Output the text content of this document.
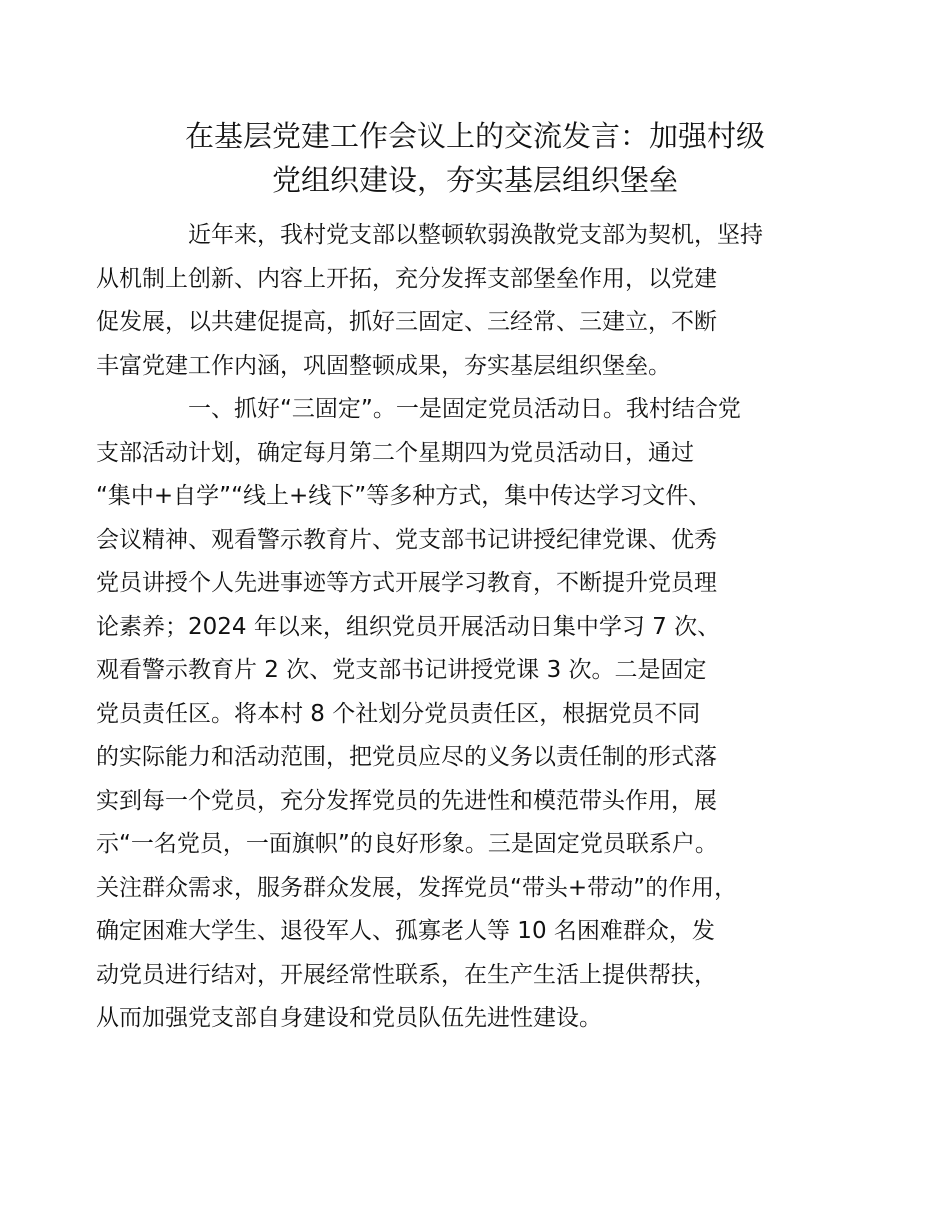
在基层党建工作会议上的交流发言：加强村级
党组织建设，夯实基层组织堡垒

近年来，我村党支部以整顿软弱涣散党支部为契机，坚持
从机制上创新、内容上开拓，充分发挥支部堡垒作用，以党建
促发展，以共建促提高，抓好三固定、三经常、三建立，不断
丰富党建工作内涵，巩固整顿成果，夯实基层组织堡垒。

一、抓好“三固定”。一是固定党员活动日。我村结合党
支部活动计划，确定每月第二个星期四为党员活动日，通过
“集中+自学”“线上+线下”等多种方式，集中传达学习文件、
会议精神、观看警示教育片、党支部书记讲授纪律党课、优秀
党员讲授个人先进事迹等方式开展学习教育，不断提升党员理
论素养；2024 年以来，组织党员开展活动日集中学习 7 次、
观看警示教育片 2 次、党支部书记讲授党课 3 次。二是固定
党员责任区。将本村 8 个社划分党员责任区，根据党员不同
的实际能力和活动范围，把党员应尽的义务以责任制的形式落
实到每一个党员，充分发挥党员的先进性和模范带头作用，展
示“一名党员，一面旗帜”的良好形象。三是固定党员联系户。
关注群众需求，服务群众发展，发挥党员“带头+带动”的作用，
确定困难大学生、退役军人、孤寡老人等 10 名困难群众，发
动党员进行结对，开展经常性联系，在生产生活上提供帮扶，
从而加强党支部自身建设和党员队伍先进性建设。
